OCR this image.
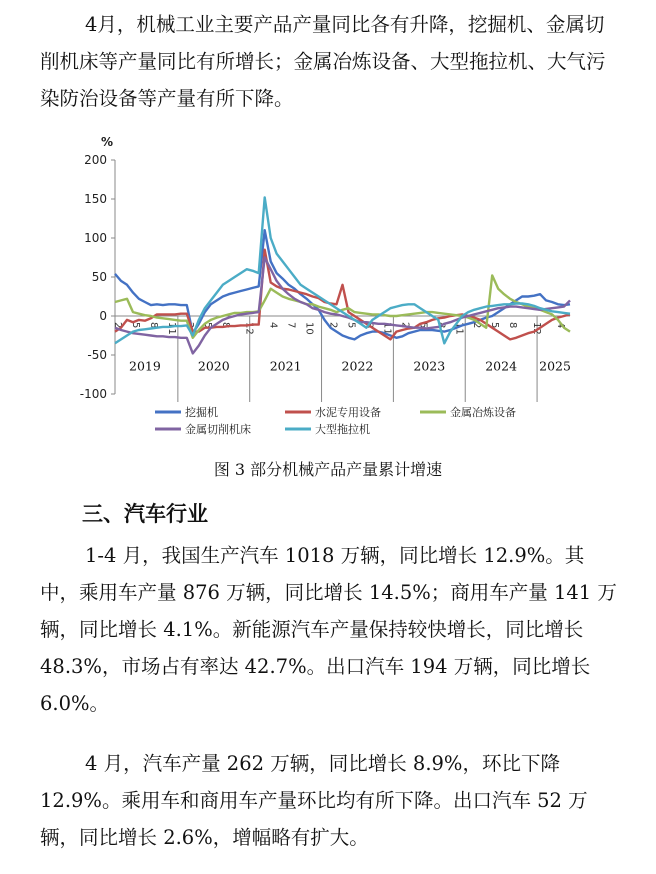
4月，机械工业主要产品产量同比各有升降，挖掘机、金属切削机床等产量同比有所增长；金属冶炼设备、大型拖拉机、大气污染防治设备等产量有所下降。

200
150
100
50
0
-50
-100
%
2019	2020	2021	2022	2023	2024 2025
2 5 8 11 2 5 8 12 4 7 10 2 5 8 11 2 5 8 11 2 5 8 12 4
挖掘机	水泥专用设备	金属冶炼设备
金属切削机床	大型拖拉机
图 3 部分机械产品产量累计增速
三、汽车行业

1-4 月，我国生产汽车 1018 万辆，同比增长 12.9%。其中，乘用车产量 876 万辆，同比增长 14.5%；商用车产量 141 万辆，同比增长 4.1%。新能源汽车产量保持较快增长，同比增长 48.3%，市场占有率达 42.7%。出口汽车 194 万辆，同比增长 6.0%。

4 月，汽车产量 262 万辆，同比增长 8.9%，环比下降 12.9%。乘用车和商用车产量环比均有所下降。出口汽车 52 万辆，同比增长 2.6%，增幅略有扩大。
